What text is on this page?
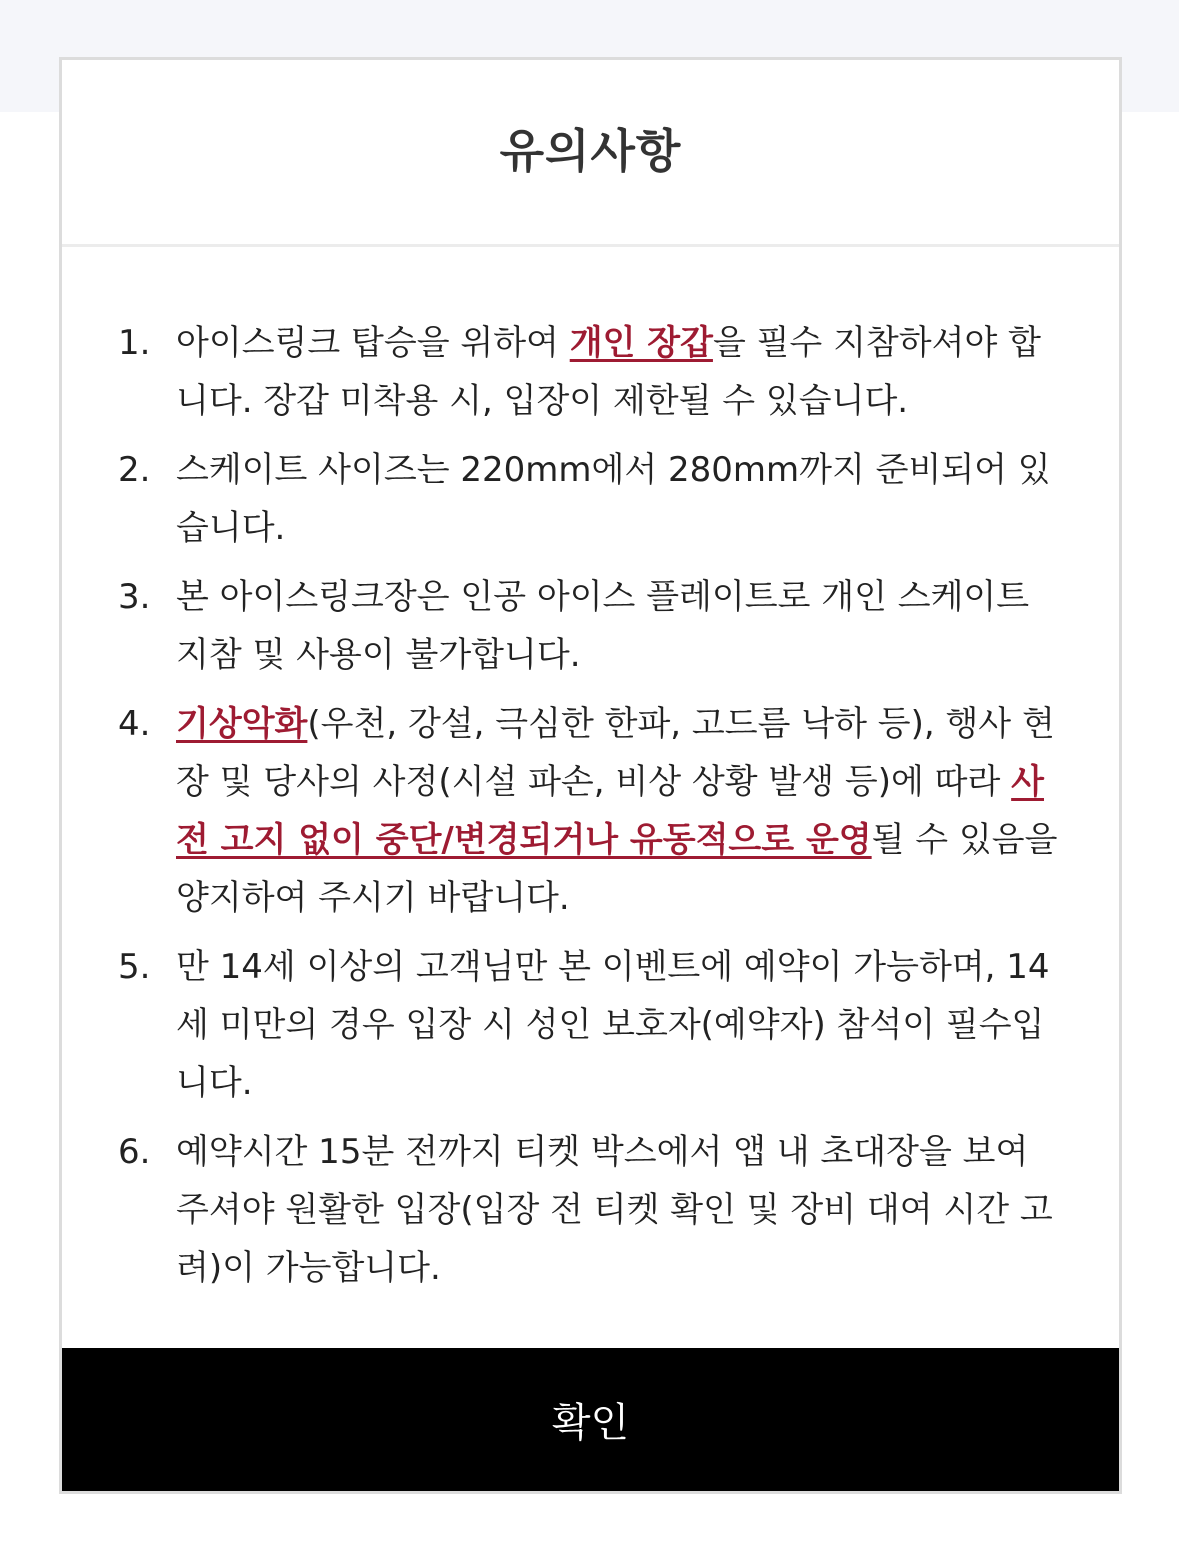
유의사항
1. 아이스링크 탑승을 위하여 개인 장갑을 필수 지참하셔야 합니다. 장갑 미착용 시, 입장이 제한될 수 있습니다.
2. 스케이트 사이즈는 220mm에서 280mm까지 준비되어 있습니다.
3. 본 아이스링크장은 인공 아이스 플레이트로 개인 스케이트 지참 및 사용이 불가합니다.
4. 기상악화(우천, 강설, 극심한 한파, 고드름 낙하 등), 행사 현장 및 당사의 사정(시설 파손, 비상 상황 발생 등)에 따라 사전 고지 없이 중단/변경되거나 유동적으로 운영될 수 있음을 양지하여 주시기 바랍니다.
5. 만 14세 이상의 고객님만 본 이벤트에 예약이 가능하며, 14세 미만의 경우 입장 시 성인 보호자(예약자) 참석이 필수입니다.
6. 예약시간 15분 전까지 티켓 박스에서 앱 내 초대장을 보여주셔야 원활한 입장(입장 전 티켓 확인 및 장비 대여 시간 고려)이 가능합니다.
확인
